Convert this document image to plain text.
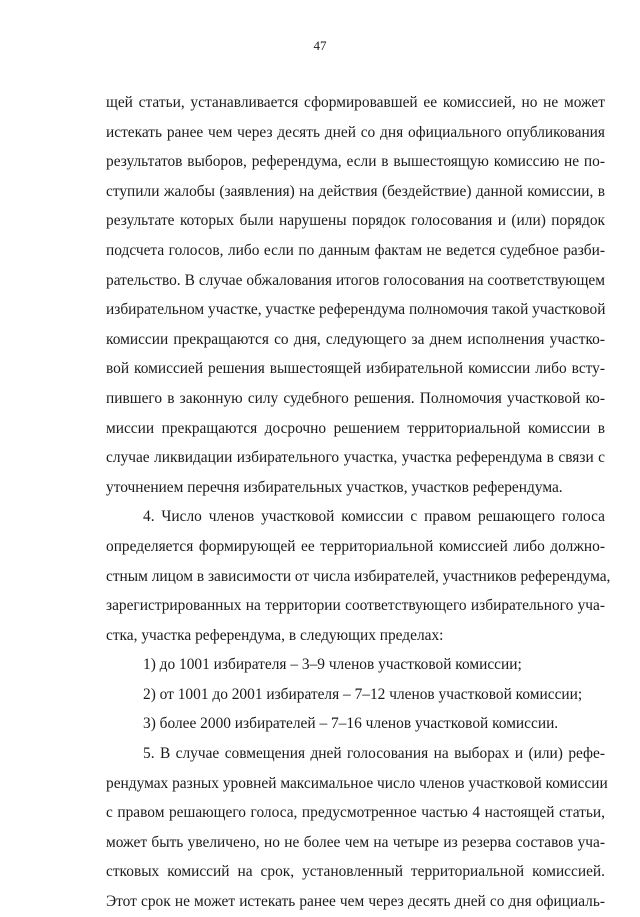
47
щей статьи, устанавливается сформировавшей ее комиссией, но не может
истекать ранее чем через десять дней со дня официального опубликования
результатов выборов, референдума, если в вышестоящую комиссию не по-
ступили жалобы (заявления) на действия (бездействие) данной комиссии, в
результате которых были нарушены порядок голосования и (или) порядок
подсчета голосов, либо если по данным фактам не ведется судебное разби-
рательство. В случае обжалования итогов голосования на соответствующем
избирательном участке, участке референдума полномочия такой участковой
комиссии прекращаются со дня, следующего за днем исполнения участко-
вой комиссией решения вышестоящей избирательной комиссии либо всту-
пившего в законную силу судебного решения. Полномочия участковой ко-
миссии прекращаются досрочно решением территориальной комиссии в
случае ликвидации избирательного участка, участка референдума в связи с
уточнением перечня избирательных участков, участков референдума.
4. Число членов участковой комиссии с правом решающего голоса
определяется формирующей ее территориальной комиссией либо должно-
стным лицом в зависимости от числа избирателей, участников референдума,
зарегистрированных на территории соответствующего избирательного уча-
стка, участка референдума, в следующих пределах:
1) до 1001 избирателя – 3–9 членов участковой комиссии;
2) от 1001 до 2001 избирателя – 7–12 членов участковой комиссии;
3) более 2000 избирателей – 7–16 членов участковой комиссии.
5. В случае совмещения дней голосования на выборах и (или) рефе-
рендумах разных уровней максимальное число членов участковой комиссии
с правом решающего голоса, предусмотренное частью 4 настоящей статьи,
может быть увеличено, но не более чем на четыре из резерва составов уча-
стковых комиссий на срок, установленный территориальной комиссией.
Этот срок не может истекать ранее чем через десять дней со дня официаль-
